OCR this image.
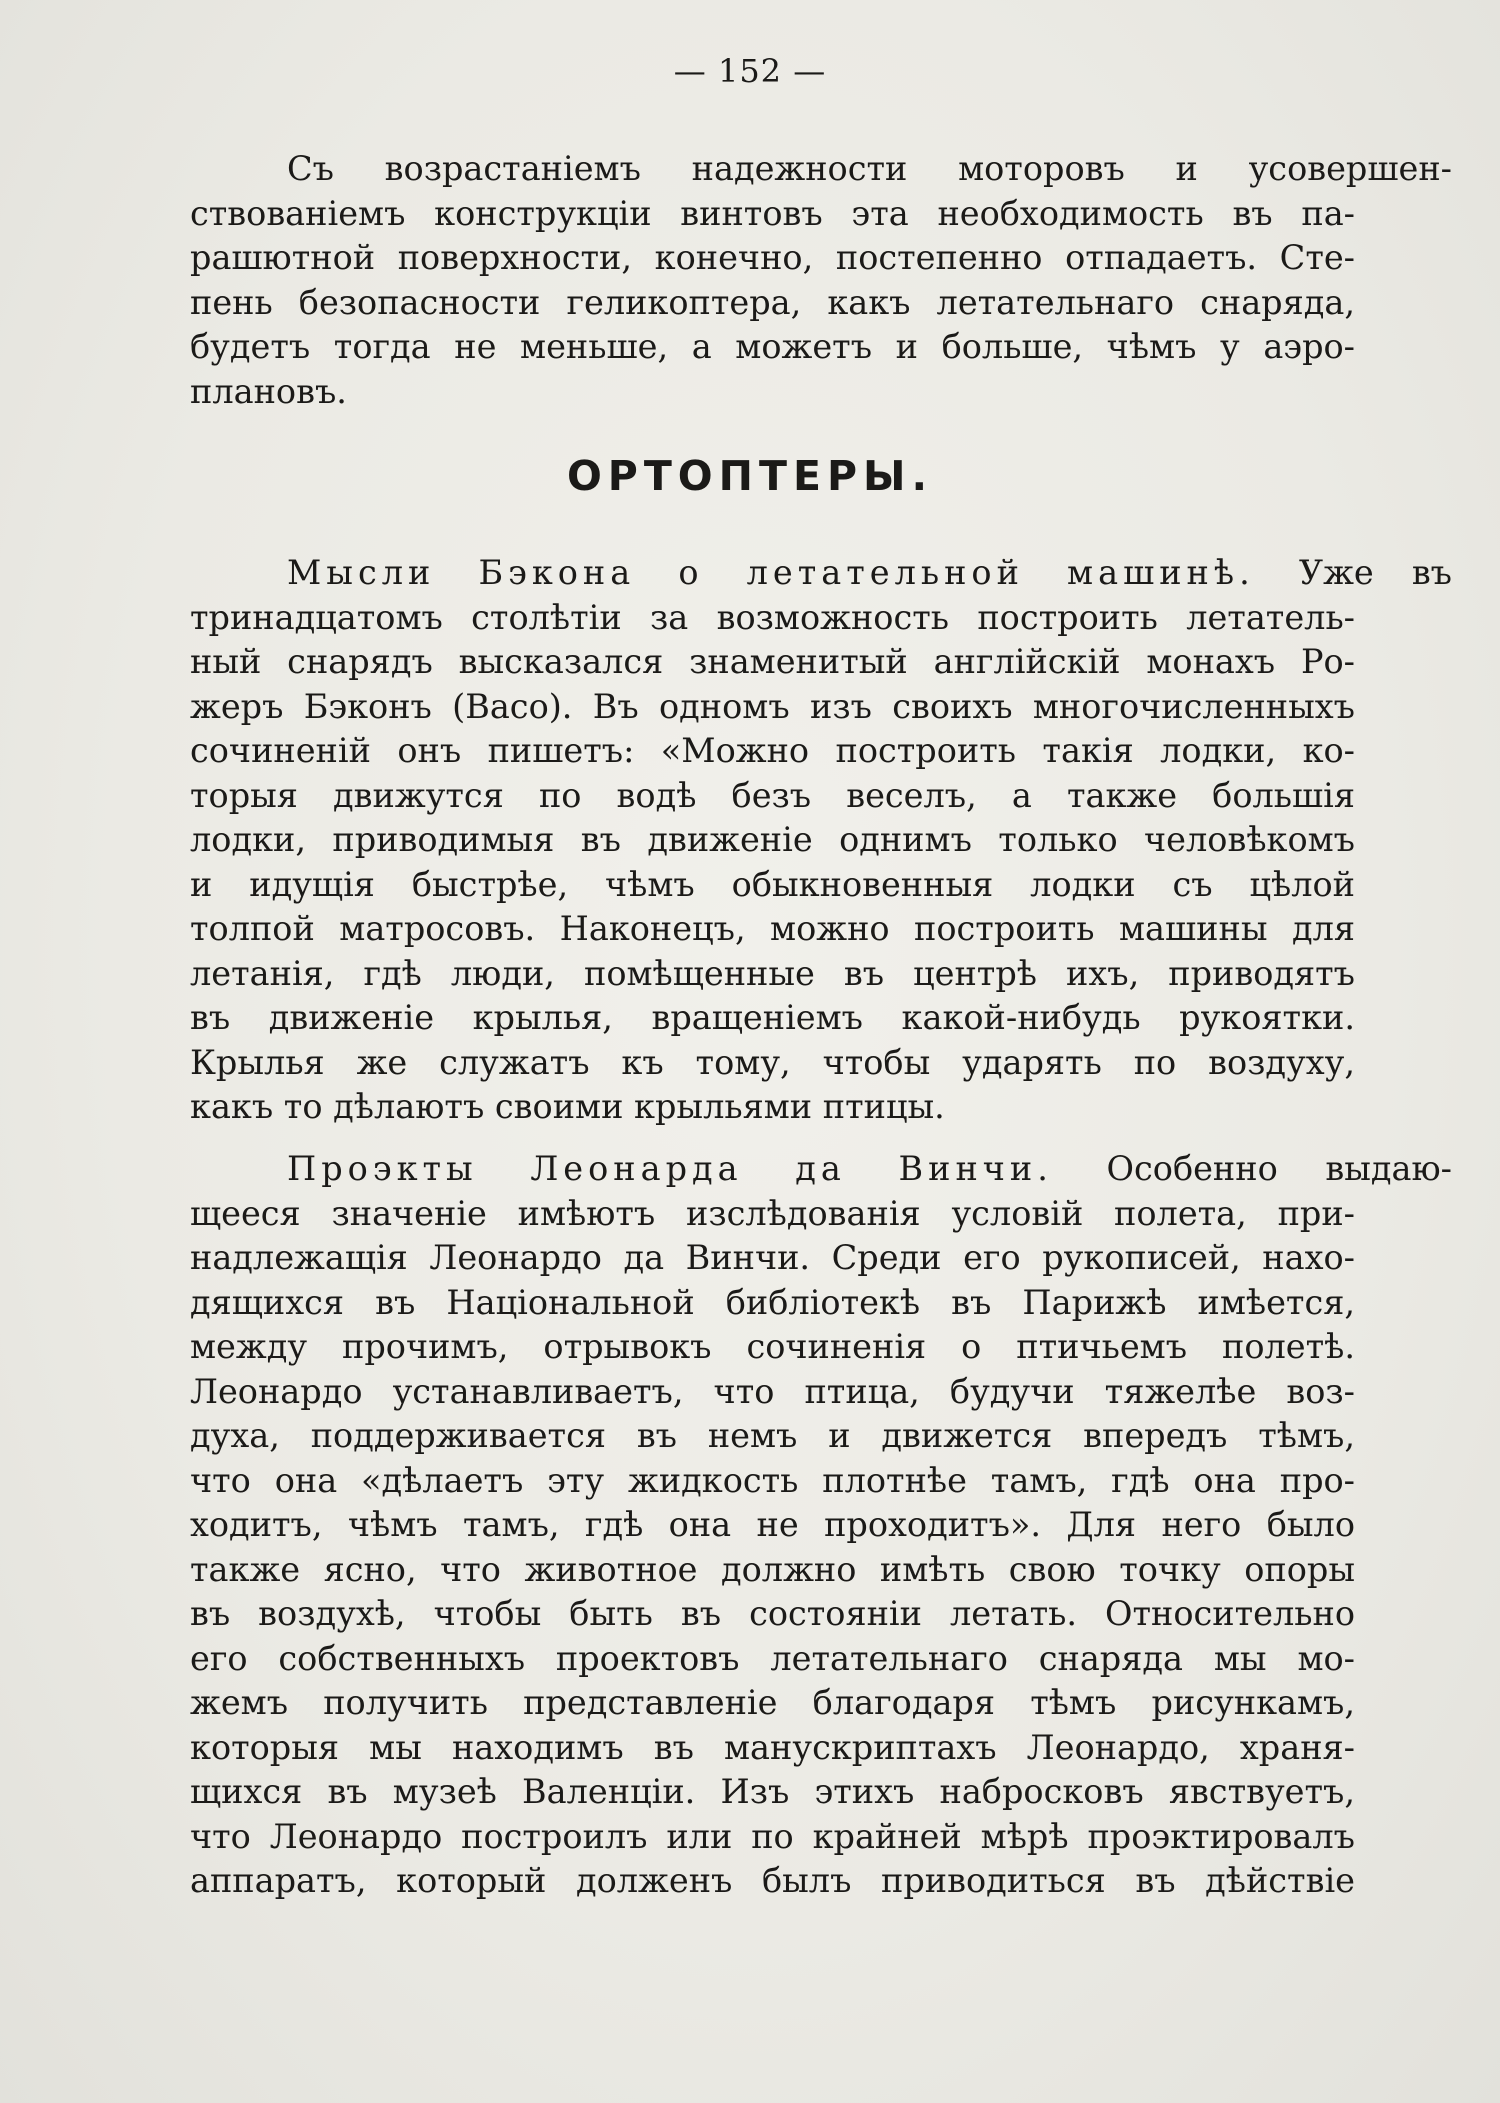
— 152 —
Съ возрастаніемъ надежности моторовъ и усовершен-
ствованіемъ конструкціи винтовъ эта необходимость въ па-
рашютной поверхности, конечно, постепенно отпадаетъ. Сте-
пень безопасности геликоптера, какъ летательнаго снаряда,
будетъ тогда не меньше, а можетъ и больше, чѣмъ у аэро-
плановъ.
ОРТОПТЕРЫ.
Мысли Бэкона о летательной машинѣ. Уже въ
тринадцатомъ столѣтіи за возможность построить летатель-
ный снарядъ высказался знаменитый англійскій монахъ Ро-
жеръ Бэконъ (Baco). Въ одномъ изъ своихъ многочисленныхъ
сочиненій онъ пишетъ: «Можно построить такія лодки, ко-
торыя движутся по водѣ безъ веселъ, а также большія
лодки, приводимыя въ движеніе однимъ только человѣкомъ
и идущія быстрѣе, чѣмъ обыкновенныя лодки съ цѣлой
толпой матросовъ. Наконецъ, можно построить машины для
летанія, гдѣ люди, помѣщенные въ центрѣ ихъ, приводятъ
въ движеніе крылья, вращеніемъ какой-нибудь рукоятки.
Крылья же служатъ къ тому, чтобы ударять по воздуху,
какъ то дѣлаютъ своими крыльями птицы.
Проэкты Леонарда да Винчи. Особенно выдаю-
щееся значеніе имѣютъ изслѣдованія условій полета, при-
надлежащія Леонардо да Винчи. Среди его рукописей, нахо-
дящихся въ Національной библіотекѣ въ Парижѣ имѣется,
между прочимъ, отрывокъ сочиненія о птичьемъ полетѣ.
Леонардо устанавливаетъ, что птица, будучи тяжелѣе воз-
духа, поддерживается въ немъ и движется впередъ тѣмъ,
что она «дѣлаетъ эту жидкость плотнѣе тамъ, гдѣ она про-
ходитъ, чѣмъ тамъ, гдѣ она не проходитъ». Для него было
также ясно, что животное должно имѣть свою точку опоры
въ воздухѣ, чтобы быть въ состояніи летать. Относительно
его собственныхъ проектовъ летательнаго снаряда мы мо-
жемъ получить представленіе благодаря тѣмъ рисункамъ,
которыя мы находимъ въ манускриптахъ Леонардо, храня-
щихся въ музеѣ Валенціи. Изъ этихъ набросковъ явствуетъ,
что Леонардо построилъ или по крайней мѣрѣ проэктировалъ
аппаратъ, который долженъ былъ приводиться въ дѣйствіе
